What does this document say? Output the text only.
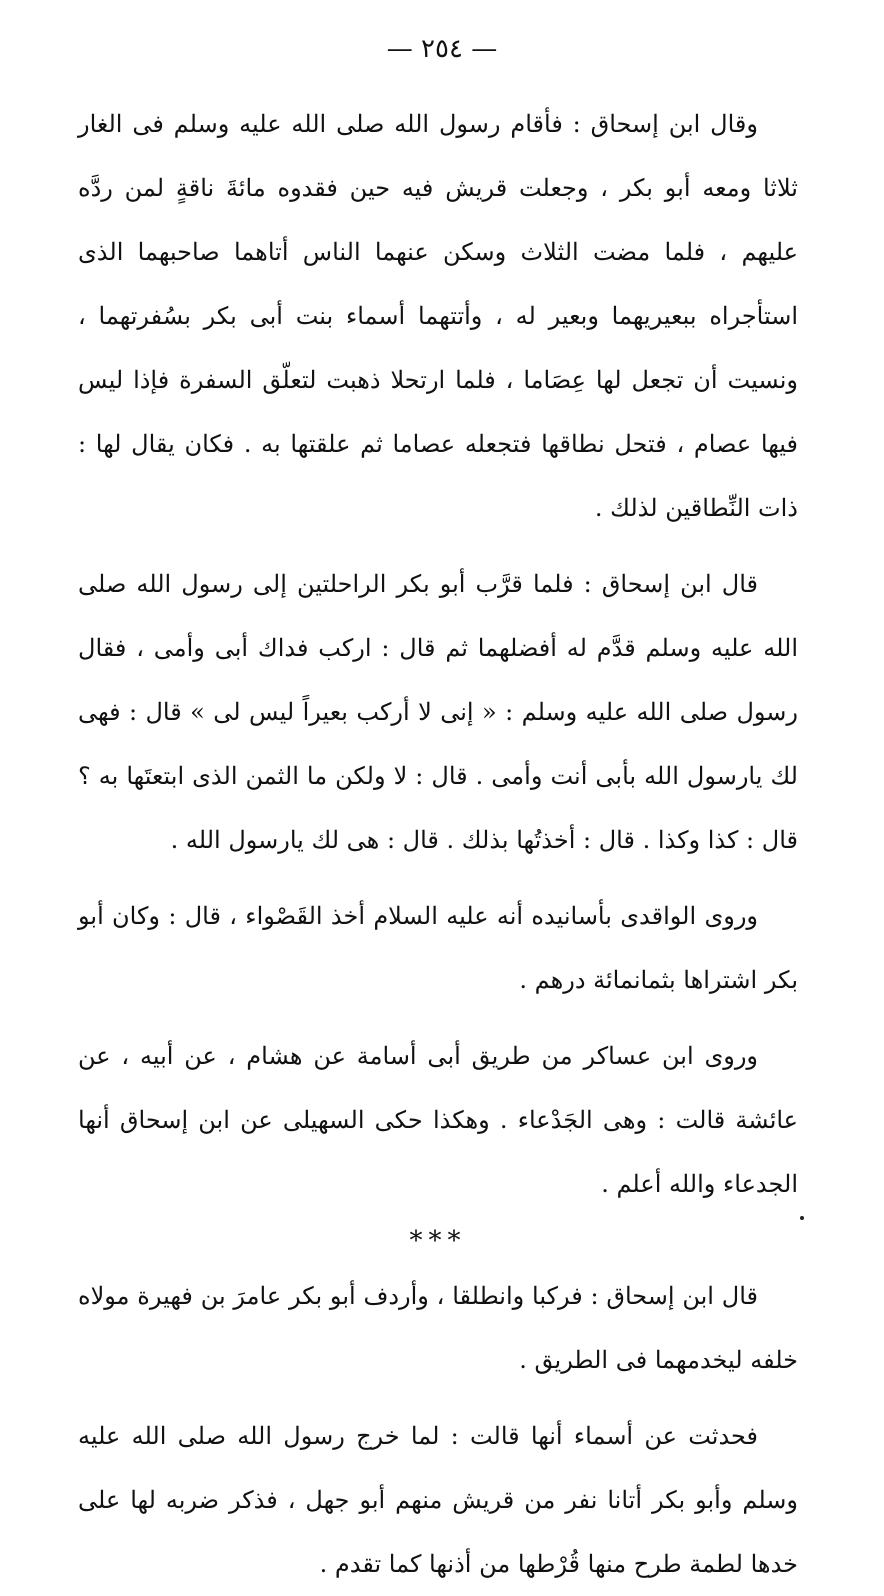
— ٢٥٤ —

وقال ابن إسحاق : فأقام رسول الله صلى الله عليه وسلم فى الغار ثلاثا ومعه أبو بكر ، وجعلت قريش فيه حين فقدوه مائةَ ناقةٍ لمن ردَّه عليهم ، فلما مضت الثلاث وسكن عنهما الناس أتاهما صاحبهما الذى استأجراه ببعيريهما وبعير له ، وأتتهما أسماء بنت أبى بكر بسُفرتهما ، ونسيت أن تجعل لها عِصَاما ، فلما ارتحلا ذهبت لتعلّق السفرة فإذا ليس فيها عصام ، فتحل نطاقها فتجعله عصاما ثم علقتها به . فكان يقال لها : ذات النِّطاقين لذلك .

قال ابن إسحاق : فلما قرَّب أبو بكر الراحلتين إلى رسول الله صلى الله عليه وسلم قدَّم له أفضلهما ثم قال : اركب فداك أبى وأمى ، فقال رسول صلى الله عليه وسلم : « إنى لا أركب بعيراً ليس لى » قال : فهى لك يارسول الله بأبى أنت وأمى . قال : لا ولكن ما الثمن الذى ابتعتَها به ؟ قال : كذا وكذا . قال : أخذتُها بذلك . قال : هى لك يارسول الله .

وروى الواقدى بأسانيده أنه عليه السلام أخذ القَصْواء ، قال : وكان أبو بكر اشتراها بثمانمائة درهم .

وروى ابن عساكر من طريق أبى أسامة عن هشام ، عن أبيه ، عن عائشة قالت : وهى الجَدْعاء . وهكذا حكى السهيلى عن ابن إسحاق أنها الجدعاء والله أعلم .

***

قال ابن إسحاق : فركبا وانطلقا ، وأردف أبو بكر عامرَ بن فهيرة مولاه خلفه ليخدمهما فى الطريق .

فحدثت عن أسماء أنها قالت : لما خرج رسول الله صلى الله عليه وسلم وأبو بكر أتانا نفر من قريش منهم أبو جهل ، فذكر ضربه لها على خدها لطمة طرح منها قُرْطها من أذنها كما تقدم .
